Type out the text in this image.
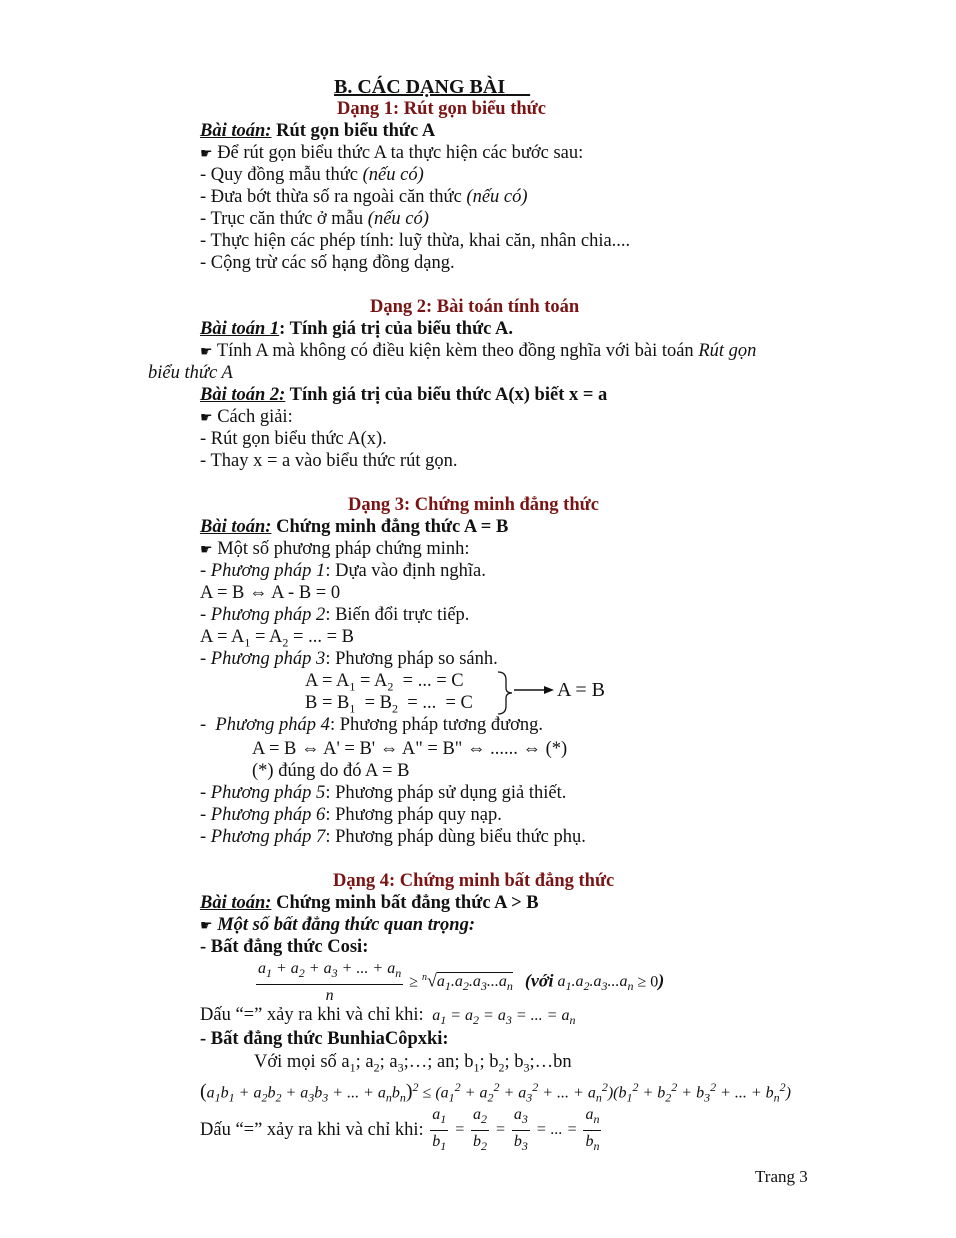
B. CÁC DẠNG BÀI
Dạng 1: Rút gọn biểu thức
Bài toán: Rút gọn biểu thức A
☛ Để rút gọn biểu thức A ta thực hiện các bước sau:
- Quy đồng mẫu thức (nếu có)
- Đưa bớt thừa số ra ngoài căn thức (nếu có)
- Trục căn thức ở mẫu (nếu có)
- Thực hiện các phép tính: luỹ thừa, khai căn, nhân chia....
- Cộng trừ các số hạng đồng dạng.
Dạng 2: Bài toán tính toán
Bài toán 1: Tính giá trị của biểu thức A.
☛ Tính A mà không có điều kiện kèm theo đồng nghĩa với bài toán Rút gọn
biểu thức A
Bài toán 2: Tính giá trị của biểu thức A(x) biết x = a
☛ Cách giải:
- Rút gọn biểu thức A(x).
- Thay x = a vào biểu thức rút gọn.
Dạng 3: Chứng minh đẳng thức
Bài toán: Chứng minh đẳng thức A = B
☛ Một số phương pháp chứng minh:
- Phương pháp 1: Dựa vào định nghĩa.
A = B ⇔ A - B = 0
- Phương pháp 2: Biến đổi trực tiếp.
$A = A_1 = A_2$ = ... = B
- Phương pháp 3: Phương pháp so sánh.
$A = A_1 = A_2$  = ... = C
$B = B_1 = B_2$  = ...  = C
A = B
-  Phương pháp 4: Phương pháp tương đương.
A = B ⇔ A' = B' ⇔ A" = B" ⇔ ...... ⇔ (*)
(*) đúng do đó A = B
- Phương pháp 5: Phương pháp sử dụng giả thiết.
- Phương pháp 6: Phương pháp quy nạp.
- Phương pháp 7: Phương pháp dùng biểu thức phụ.
Dạng 4: Chứng minh bất đẳng thức
Bài toán: Chứng minh bất đẳng thức A > B
☛ Một số bất đẳng thức quan trọng:
- Bất đẳng thức Cosi:
$\frac{a_1 + a_2 + a_3 + ... + a_n}{n} \ge ^n√a_1.a_2.a_3...a_n$ (với $a_1.a_2.a_3...a_n \ge 0$)
Dấu “=” xảy ra khi và chỉ khi:  $a_1 = a_2 = a_3$ = ... = $a_n$
- Bất đẳng thức BunhiaCôpxki:
Với mọi số $a_1$; $a_2$; $a_3;\dots$; an; $b_1$; $b_2$; $b_3;\dots bn$
($a_1b_1 + a_2b_2 + a_3b_3$ + ... + $a_nb_n)^2 \le (a_1^2 + a_2^2 + a_3^2$ + ... + $a_n^2)(b_1^2 + b_2^2 + b_3^2$ + ... + $b_n^2$)
Dấu “=” xảy ra khi và chỉ khi: $\frac{a_1}{b_1} = \frac{a_2}{b_2} = \frac{a_3}{b_3}$ = ... = $\frac{a_n}{b_n}$
Trang 3
